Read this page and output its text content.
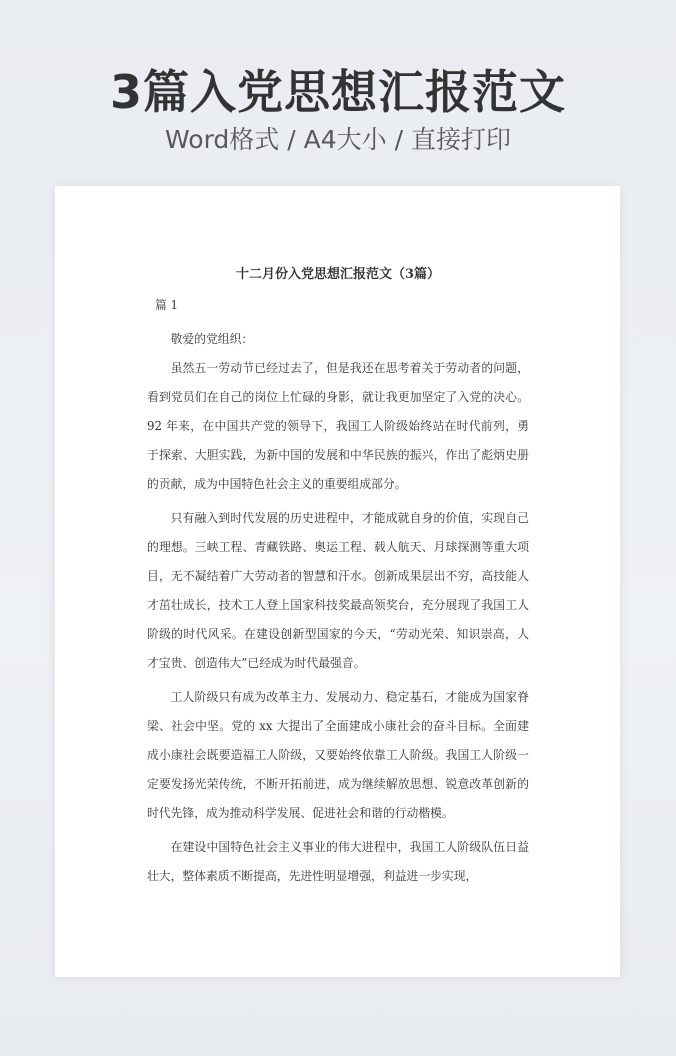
3篇入党思想汇报范文
Word格式 / A4大小 / 直接打印
十二月份入党思想汇报范文（3篇）
篇 1

敬爱的党组织：

虽然五一劳动节已经过去了，但是我还在思考着关于劳动者的问题，看到党员们在自己的岗位上忙碌的身影，就让我更加坚定了入党的决心。92 年来，在中国共产党的领导下，我国工人阶级始终站在时代前列，勇于探索、大胆实践，为新中国的发展和中华民族的振兴，作出了彪炳史册的贡献，成为中国特色社会主义的重要组成部分。

只有融入到时代发展的历史进程中，才能成就自身的价值，实现自己的理想。三峡工程、青藏铁路、奥运工程、载人航天、月球探测等重大项目，无不凝结着广大劳动者的智慧和汗水。创新成果层出不穷，高技能人才茁壮成长，技术工人登上国家科技奖最高领奖台，充分展现了我国工人阶级的时代风采。在建设创新型国家的今天，“劳动光荣、知识崇高，人才宝贵、创造伟大”已经成为时代最强音。

工人阶级只有成为改革主力、发展动力、稳定基石，才能成为国家脊梁、社会中坚。党的 xx 大提出了全面建成小康社会的奋斗目标。全面建成小康社会既要造福工人阶级，又要始终依靠工人阶级。我国工人阶级一定要发扬光荣传统，不断开拓前进，成为继续解放思想、锐意改革创新的时代先锋，成为推动科学发展、促进社会和谐的行动楷模。

在建设中国特色社会主义事业的伟大进程中，我国工人阶级队伍日益壮大，整体素质不断提高，先进性明显增强，利益进一步实现，
